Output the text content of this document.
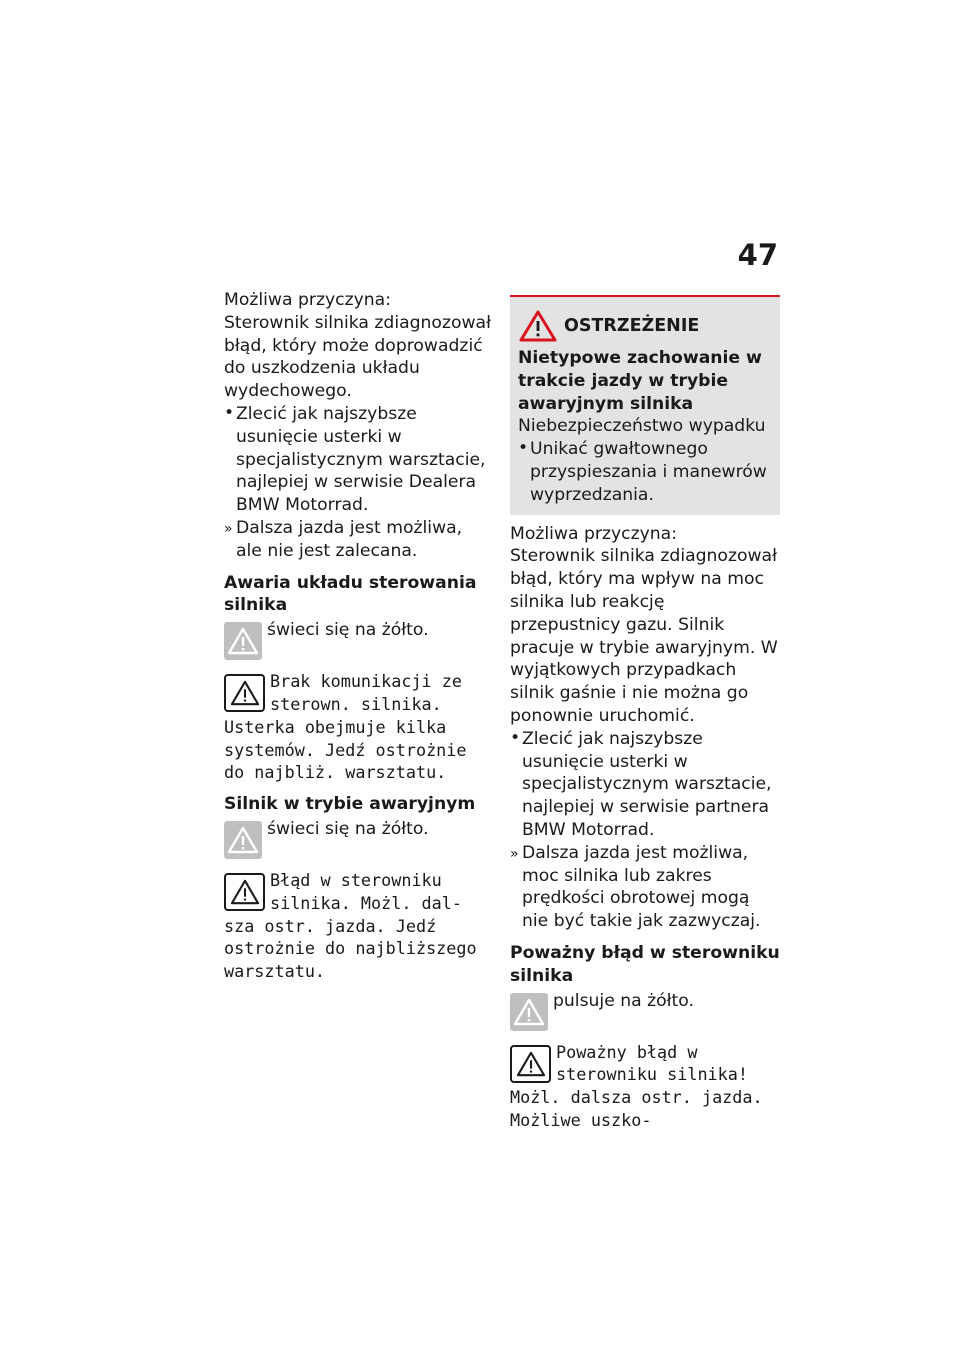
47

Możliwa przyczyna:

Sterownik silnika zdiagnozował błąd, który może doprowadzić do uszkodzenia układu wydechowego.

• Zlecić jak najszybsze usunięcie usterki w specjalistycznym warsztacie, najlepiej w serwisie Dealera BMW Motorrad.
» Dalsza jazda jest możliwa, ale nie jest zalecana.
Awaria układu sterowania silnika
świeci się na żółto.
Brak komunikacji ze sterown. silnika. Usterka obejmuje kilka systemów. Jedź ostrożnie do najbliż. warsztatu.
Silnik w trybie awaryjnym
świeci się na żółto.
Błąd w sterowniku silnika. Możl. dal- sza ostr. jazda. Jedź ostrożnie do najbliższego warsztatu.
OSTRZEŻENIE
Nietypowe zachowanie w trakcie jazdy w trybie awaryjnym silnika

Niebezpieczeństwo wypadku

• Unikać gwałtownego przyspieszania i manewrów wyprzedzania.

Możliwa przyczyna:

Sterownik silnika zdiagnozował błąd, który ma wpływ na moc silnika lub reakcję przepustnicy gazu. Silnik pracuje w trybie awaryjnym. W wyjątkowych przypadkach silnik gaśnie i nie można go ponownie uruchomić.

• Zlecić jak najszybsze usunięcie usterki w specjalistycznym warsztacie, najlepiej w serwisie partnera BMW Motorrad.
» Dalsza jazda jest możliwa, moc silnika lub zakres prędkości obrotowej mogą nie być takie jak zazwyczaj.
Poważny błąd w sterowniku silnika
pulsuje na żółto.
Poważny błąd w sterowniku silnika! Możl. dalsza ostr. jazda. Możliwe uszko-
